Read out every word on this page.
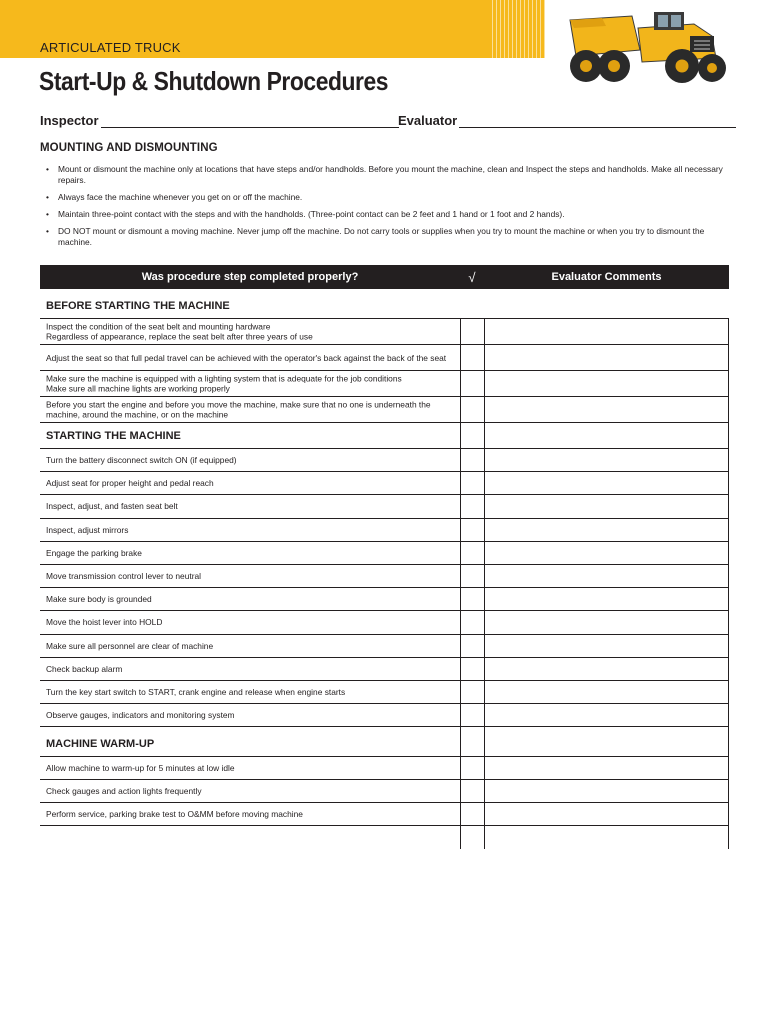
ARTICULATED TRUCK
Start-Up & Shutdown Procedures
Inspector	Evaluator
MOUNTING AND DISMOUNTING
• Mount or dismount the machine only at locations that have steps and/or handholds. Before you mount the machine, clean and Inspect the steps and handholds. Make all necessary repairs.
• Always face the machine whenever you get on or off the machine.
• Maintain three-point contact with the steps and with the handholds. (Three-point contact can be 2 feet and 1 hand or 1 foot and 2 hands).
• DO NOT mount or dismount a moving machine. Never jump off the machine. Do not carry tools or supplies when you try to mount the machine or when you try to dismount the machine.
Was procedure step completed properly?	√	Evaluator Comments
BEFORE STARTING THE MACHINE
Inspect the condition of the seat belt and mounting hardware
Regardless of appearance, replace the seat belt after three years of use
Adjust the seat so that full pedal travel can be achieved with the operator's back against the back of the seat
Make sure the machine is equipped with a lighting system that is adequate for the job conditions
Make sure all machine lights are working properly
Before you start the engine and before you move the machine, make sure that no one is underneath the machine, around the machine, or on the machine
STARTING THE MACHINE
Turn the battery disconnect switch ON (if equipped)
Adjust seat for proper height and pedal reach
Inspect, adjust, and fasten seat belt
Inspect, adjust mirrors
Engage the parking brake
Move transmission control lever to neutral
Make sure body is grounded
Move the hoist lever into HOLD
Make sure all personnel are clear of machine
Check backup alarm
Turn the key start switch to START, crank engine and release when engine starts
Observe gauges, indicators and monitoring system
MACHINE WARM-UP
Allow machine to warm-up for 5 minutes at low idle
Check gauges and action lights frequently
Perform service, parking brake test to O&MM before moving machine
